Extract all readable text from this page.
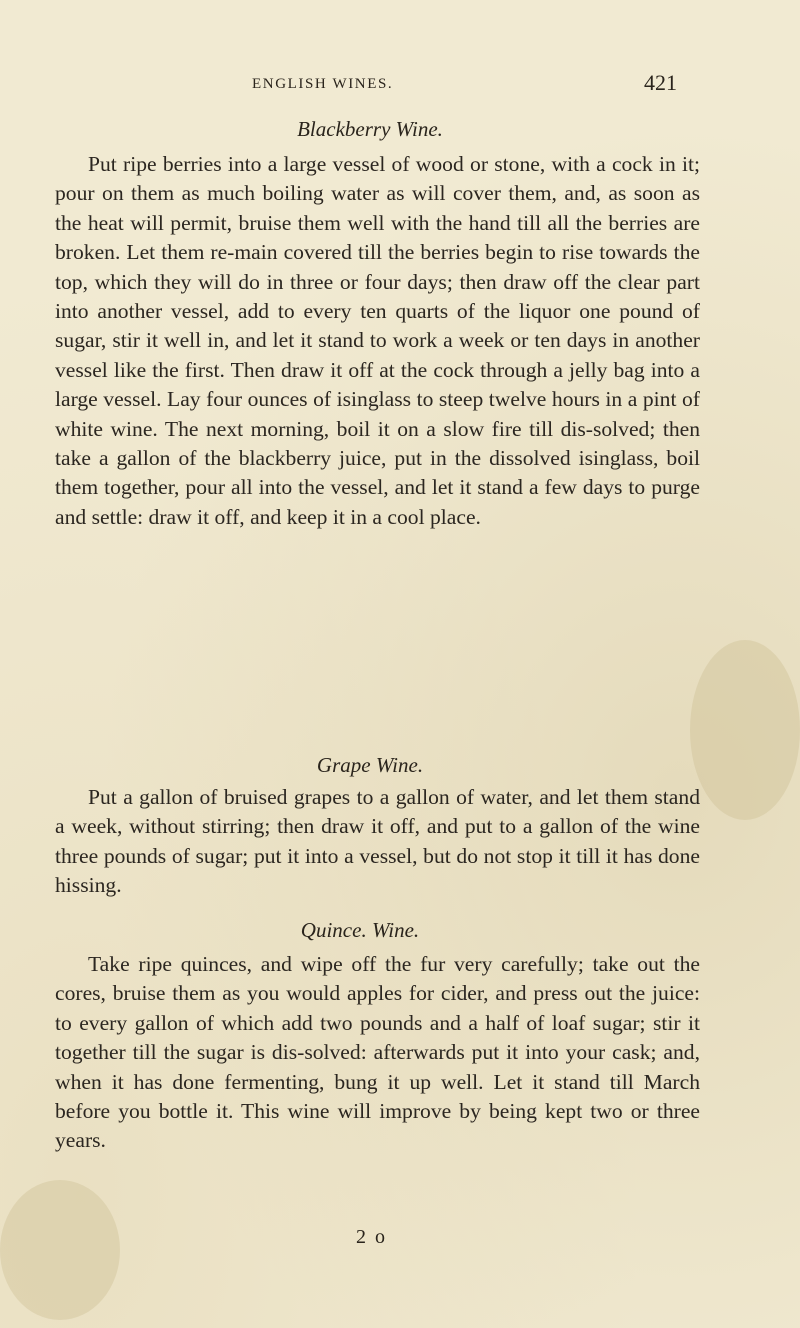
ENGLISH WINES.	421
Blackberry Wine.

Put ripe berries into a large vessel of wood or stone, with a cock in it; pour on them as much boiling water as will cover them, and, as soon as the heat will permit, bruise them well with the hand till all the berries are broken. Let them re-main covered till the berries begin to rise towards the top, which they will do in three or four days; then draw off the clear part into another vessel, add to every ten quarts of the liquor one pound of sugar, stir it well in, and let it stand to work a week or ten days in another vessel like the first. Then draw it off at the cock through a jelly bag into a large vessel. Lay four ounces of isinglass to steep twelve hours in a pint of white wine. The next morning, boil it on a slow fire till dis-solved; then take a gallon of the blackberry juice, put in the dissolved isinglass, boil them together, pour all into the vessel, and let it stand a few days to purge and settle: draw it off, and keep it in a cool place.

Grape Wine.

Put a gallon of bruised grapes to a gallon of water, and let them stand a week, without stirring; then draw it off, and put to a gallon of the wine three pounds of sugar; put it into a vessel, but do not stop it till it has done hissing.

Quince. Wine.

Take ripe quinces, and wipe off the fur very carefully; take out the cores, bruise them as you would apples for cider, and press out the juice: to every gallon of which add two pounds and a half of loaf sugar; stir it together till the sugar is dis-solved: afterwards put it into your cask; and, when it has done fermenting, bung it up well. Let it stand till March before you bottle it. This wine will improve by being kept two or three years.

2 o
